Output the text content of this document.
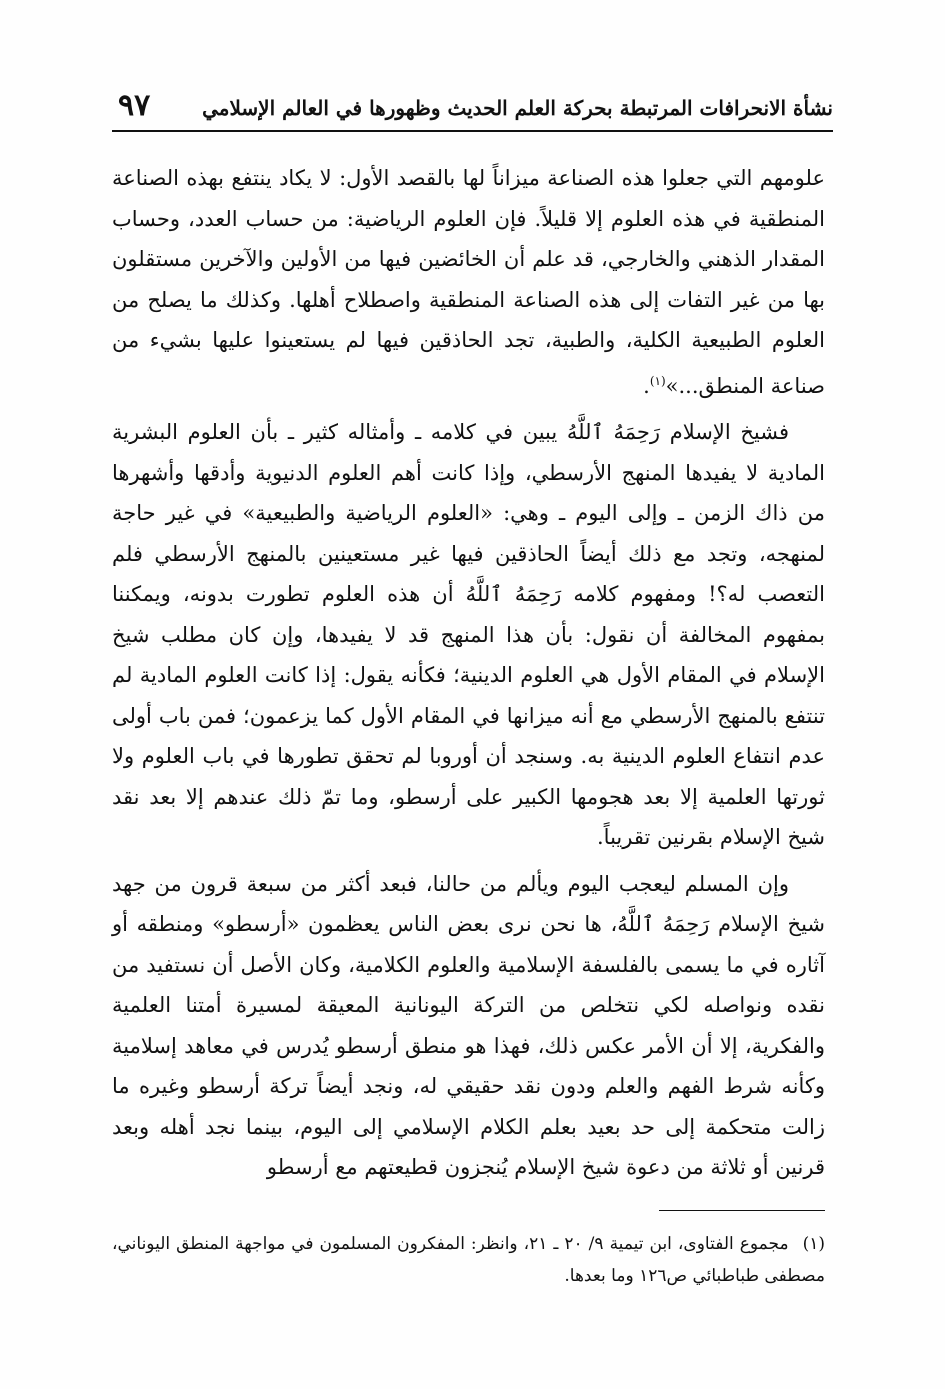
نشأة الانحرافات المرتبطة بحركة العلم الحديث وظهورها في العالم الإسلامي
٩٧

علومهم التي جعلوا هذه الصناعة ميزاناً لها بالقصد الأول: لا يكاد ينتفع بهذه الصناعة المنطقية في هذه العلوم إلا قليلاً. فإن العلوم الرياضية: من حساب العدد، وحساب المقدار الذهني والخارجي، قد علم أن الخائضين فيها من الأولين والآخرين مستقلون بها من غير التفات إلى هذه الصناعة المنطقية واصطلاح أهلها. وكذلك ما يصلح من العلوم الطبيعية الكلية، والطبية، تجد الحاذقين فيها لم يستعينوا عليها بشيء من صناعة المنطق...»$^{(١)}$.

فشيخ الإسلام رَحِمَهُ ٱللَّهُ يبين في كلامه ـ وأمثاله كثير ـ بأن العلوم البشرية المادية لا يفيدها المنهج الأرسطي، وإذا كانت أهم العلوم الدنيوية وأدقها وأشهرها من ذاك الزمن ـ وإلى اليوم ـ وهي: «العلوم الرياضية والطبيعية» في غير حاجة لمنهجه، وتجد مع ذلك أيضاً الحاذقين فيها غير مستعينين بالمنهج الأرسطي فلم التعصب له؟! ومفهوم كلامه رَحِمَهُ ٱللَّهُ أن هذه العلوم تطورت بدونه، ويمكننا بمفهوم المخالفة أن نقول: بأن هذا المنهج قد لا يفيدها، وإن كان مطلب شيخ الإسلام في المقام الأول هي العلوم الدينية؛ فكأنه يقول: إذا كانت العلوم المادية لم تنتفع بالمنهج الأرسطي مع أنه ميزانها في المقام الأول كما يزعمون؛ فمن باب أولى عدم انتفاع العلوم الدينية به. وسنجد أن أوروبا لم تحقق تطورها في باب العلوم ولا ثورتها العلمية إلا بعد هجومها الكبير على أرسطو، وما تمّ ذلك عندهم إلا بعد نقد شيخ الإسلام بقرنين تقريباً.

وإن المسلم ليعجب اليوم ويألم من حالنا، فبعد أكثر من سبعة قرون من جهد شيخ الإسلام رَحِمَهُ ٱللَّهُ، ها نحن نرى بعض الناس يعظمون «أرسطو» ومنطقه أو آثاره في ما يسمى بالفلسفة الإسلامية والعلوم الكلامية، وكان الأصل أن نستفيد من نقده ونواصله لكي نتخلص من التركة اليونانية المعيقة لمسيرة أمتنا العلمية والفكرية، إلا أن الأمر عكس ذلك، فهذا هو منطق أرسطو يُدرس في معاهد إسلامية وكأنه شرط الفهم والعلم ودون نقد حقيقي له، ونجد أيضاً تركة أرسطو وغيره ما زالت متحكمة إلى حد بعيد بعلم الكلام الإسلامي إلى اليوم، بينما نجد أهله وبعد قرنين أو ثلاثة من دعوة شيخ الإسلام يُنجزون قطيعتهم مع أرسطو

(١) مجموع الفتاوى، ابن تيمية ٩/ ٢٠ ـ ٢١، وانظر: المفكرون المسلمون في مواجهة المنطق اليوناني، مصطفى طباطبائي ص١٢٦ وما بعدها.
